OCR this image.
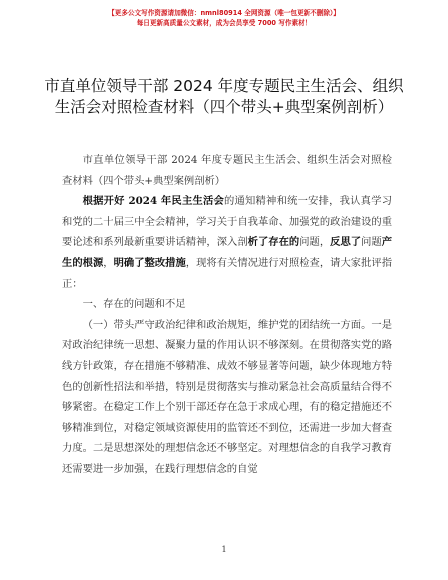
【更多公文写作资源请加微信：nmnl80914 全网资源（唯一包更新不删除）】
每日更新高质量公文素材，成为会员享受 7000 写作素材！
市直单位领导干部 2024 年度专题民主生活会、组织生活会对照检查材料（四个带头+典型案例剖析）

市直单位领导干部 2024 年度专题民主生活会、组织生活会对照检查材料（四个带头+典型案例剖析）

根据开好 2024 年民主生活会的通知精神和统一安排，我认真学习和党的二十届三中全会精神，学习关于自我革命、加强党的政治建设的重要论述和系列最新重要讲话精神，深入剖析了存在的问题，反思了问题产生的根源，明确了整改措施，现将有关情况进行对照检查，请大家批评指正：

一、存在的问题和不足

（一）带头严守政治纪律和政治规矩，维护党的团结统一方面。一是对政治纪律统一思想、凝聚力量的作用认识不够深刻。在贯彻落实党的路线方针政策，存在措施不够精准、成效不够显著等问题，缺少体现地方特色的创新性招法和举措，特别是贯彻落实与推动紧急社会高质量结合得不够紧密。在稳定工作上个别干部还存在急于求成心理，有的稳定措施还不够精准到位，对稳定领域资源使用的监管还不到位，还需进一步加大督查力度。二是思想深处的理想信念还不够坚定。对理想信念的自我学习教育还需要进一步加强，在践行理想信念的自觉

1
